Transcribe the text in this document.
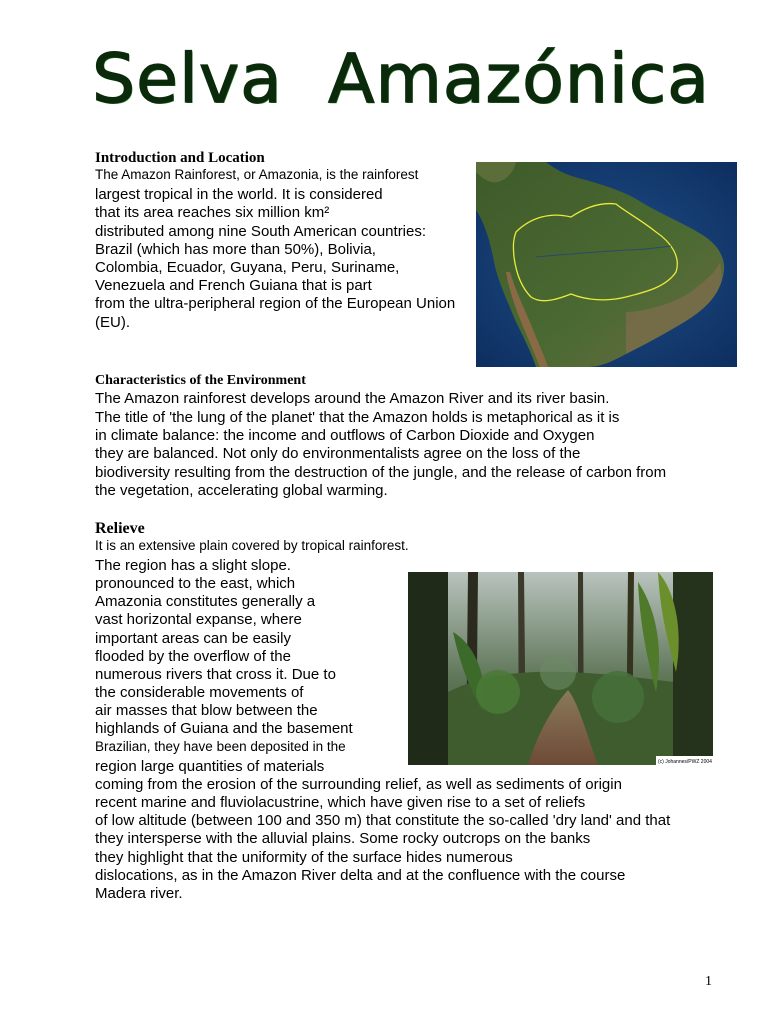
Selva  Amazónica
Introduction and Location
The Amazon Rainforest, or Amazonia, is the rainforest
largest tropical in the world. It is considered
that its area reaches six million km²
distributed among nine South American countries:
Brazil (which has more than 50%), Bolivia,
Colombia, Ecuador, Guyana, Peru, Suriname,
Venezuela and French Guiana that is part
from the ultra-peripheral region of the European Union
(EU).
Characteristics of the Environment
The Amazon rainforest develops around the Amazon River and its river basin.
The title of 'the lung of the planet' that the Amazon holds is metaphorical as it is
in climate balance: the income and outflows of Carbon Dioxide and Oxygen
they are balanced. Not only do environmentalists agree on the loss of the
biodiversity resulting from the destruction of the jungle, and the release of carbon from
the vegetation, accelerating global warming.
Relieve
It is an extensive plain covered by tropical rainforest.
The region has a slight slope.
pronounced to the east, which
Amazonia constitutes generally a
vast horizontal expanse, where
important areas can be easily
flooded by the overflow of the
numerous rivers that cross it. Due to
the considerable movements of
air masses that blow between the
highlands of Guiana and the basement
Brazilian, they have been deposited in the
region large quantities of materials
coming from the erosion of the surrounding relief, as well as sediments of origin
recent marine and fluviolacustrine, which have given rise to a set of reliefs
of low altitude (between 100 and 350 m) that constitute the so-called 'dry land' and that
they intersperse with the alluvial plains. Some rocky outcrops on the banks
they highlight that the uniformity of the surface hides numerous
dislocations, as in the Amazon River delta and at the confluence with the course
Madera river.
(c) Johannes/PWZ 2004
1
